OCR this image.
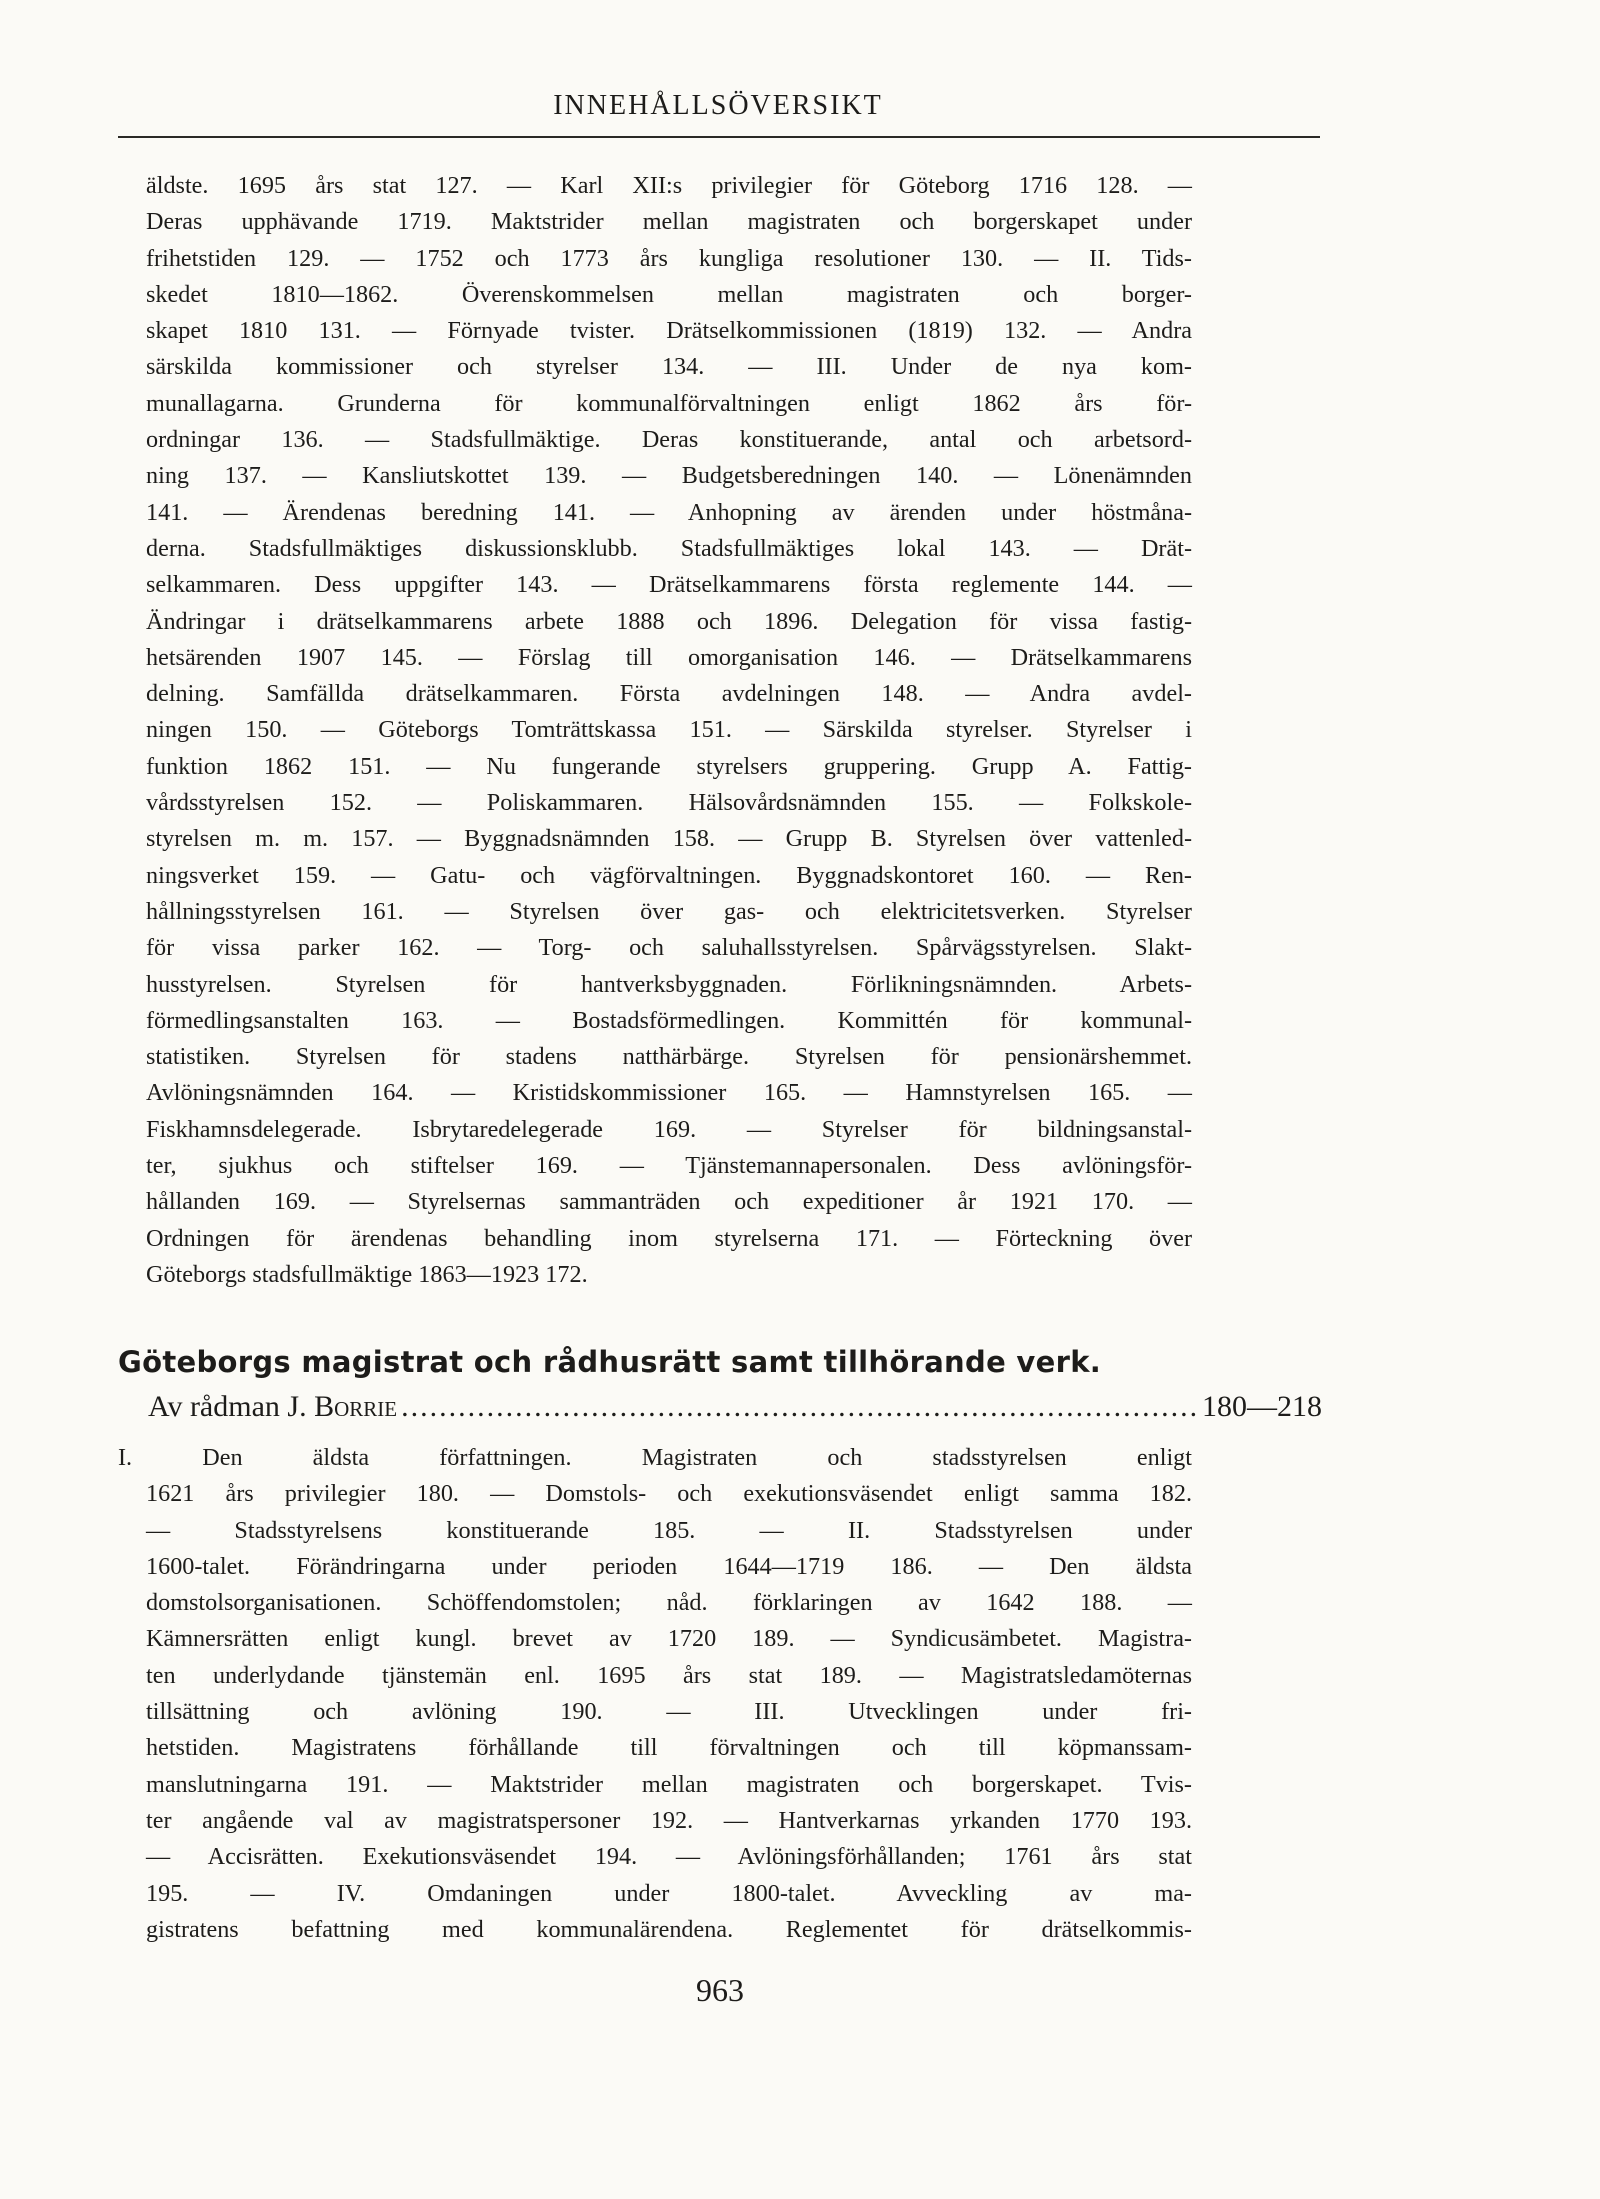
INNEHÅLLSÖVERSIKT
äldste. 1695 års stat 127. — Karl XII:s privilegier för Göteborg 1716 128. —
Deras upphävande 1719. Maktstrider mellan magistraten och borgerskapet under
frihetstiden 129. — 1752 och 1773 års kungliga resolutioner 130. — II. Tids-
skedet 1810—1862. Överenskommelsen mellan magistraten och borger-
skapet 1810 131. — Förnyade tvister. Drätselkommissionen (1819) 132. — Andra
särskilda kommissioner och styrelser 134. — III. Under de nya kom-
munallagarna. Grunderna för kommunalförvaltningen enligt 1862 års för-
ordningar 136. — Stadsfullmäktige. Deras konstituerande, antal och arbetsord-
ning 137. — Kansliutskottet 139. — Budgetsberedningen 140. — Lönenämnden
141. — Ärendenas beredning 141. — Anhopning av ärenden under höstmåna-
derna. Stadsfullmäktiges diskussionsklubb. Stadsfullmäktiges lokal 143. — Drät-
selkammaren. Dess uppgifter 143. — Drätselkammarens första reglemente 144. —
Ändringar i drätselkammarens arbete 1888 och 1896. Delegation för vissa fastig-
hetsärenden 1907 145. — Förslag till omorganisation 146. — Drätselkammarens
delning. Samfällda drätselkammaren. Första avdelningen 148. — Andra avdel-
ningen 150. — Göteborgs Tomträttskassa 151. — Särskilda styrelser. Styrelser i
funktion 1862 151. — Nu fungerande styrelsers gruppering. Grupp A. Fattig-
vårdsstyrelsen 152. — Poliskammaren. Hälsovårdsnämnden 155. — Folkskole-
styrelsen m. m. 157. — Byggnadsnämnden 158. — Grupp B. Styrelsen över vattenled-
ningsverket 159. — Gatu- och vägförvaltningen. Byggnadskontoret 160. — Ren-
hållningsstyrelsen 161. — Styrelsen över gas- och elektricitetsverken. Styrelser
för vissa parker 162. — Torg- och saluhallsstyrelsen. Spårvägsstyrelsen. Slakt-
husstyrelsen. Styrelsen för hantverksbyggnaden. Förlikningsnämnden. Arbets-
förmedlingsanstalten 163. — Bostadsförmedlingen. Kommittén för kommunal-
statistiken. Styrelsen för stadens natthärbärge. Styrelsen för pensionärshemmet.
Avlöningsnämnden 164. — Kristidskommissioner 165. — Hamnstyrelsen 165. —
Fiskhamnsdelegerade. Isbrytaredelegerade 169. — Styrelser för bildningsanstal-
ter, sjukhus och stiftelser 169. — Tjänstemannapersonalen. Dess avlöningsför-
hållanden 169. — Styrelsernas sammanträden och expeditioner år 1921 170. —
Ordningen för ärendenas behandling inom styrelserna 171. — Förteckning över
Göteborgs stadsfullmäktige 1863—1923 172.
Göteborgs magistrat och rådhusrätt samt tillhörande verk.
Av rådman J.
Borrie .....	180—218
I. Den äldsta författningen. Magistraten och stadsstyrelsen enligt
1621 års privilegier 180. — Domstols- och exekutionsväsendet enligt samma 182.
— Stadsstyrelsens konstituerande 185. — II. Stadsstyrelsen under
1600-talet. Förändringarna under perioden 1644—1719 186. — Den äldsta
domstolsorganisationen. Schöffendomstolen; nåd. förklaringen av 1642 188. —
Kämnersrätten enligt kungl. brevet av 1720 189. — Syndicusämbetet. Magistra-
ten underlydande tjänstemän enl. 1695 års stat 189. — Magistratsledamöternas
tillsättning och avlöning 190. — III. Utvecklingen under fri-
hetstiden. Magistratens förhållande till förvaltningen och till köpmanssam-
manslutningarna 191. — Maktstrider mellan magistraten och borgerskapet. Tvis-
ter angående val av magistratspersoner 192. — Hantverkarnas yrkanden 1770 193.
— Accisrätten. Exekutionsväsendet 194. — Avlöningsförhållanden; 1761 års stat
195. — IV. Omdaningen under 1800-talet. Avveckling av ma-
gistratens befattning med kommunalärendena. Reglementet för drätselkommis-
963
